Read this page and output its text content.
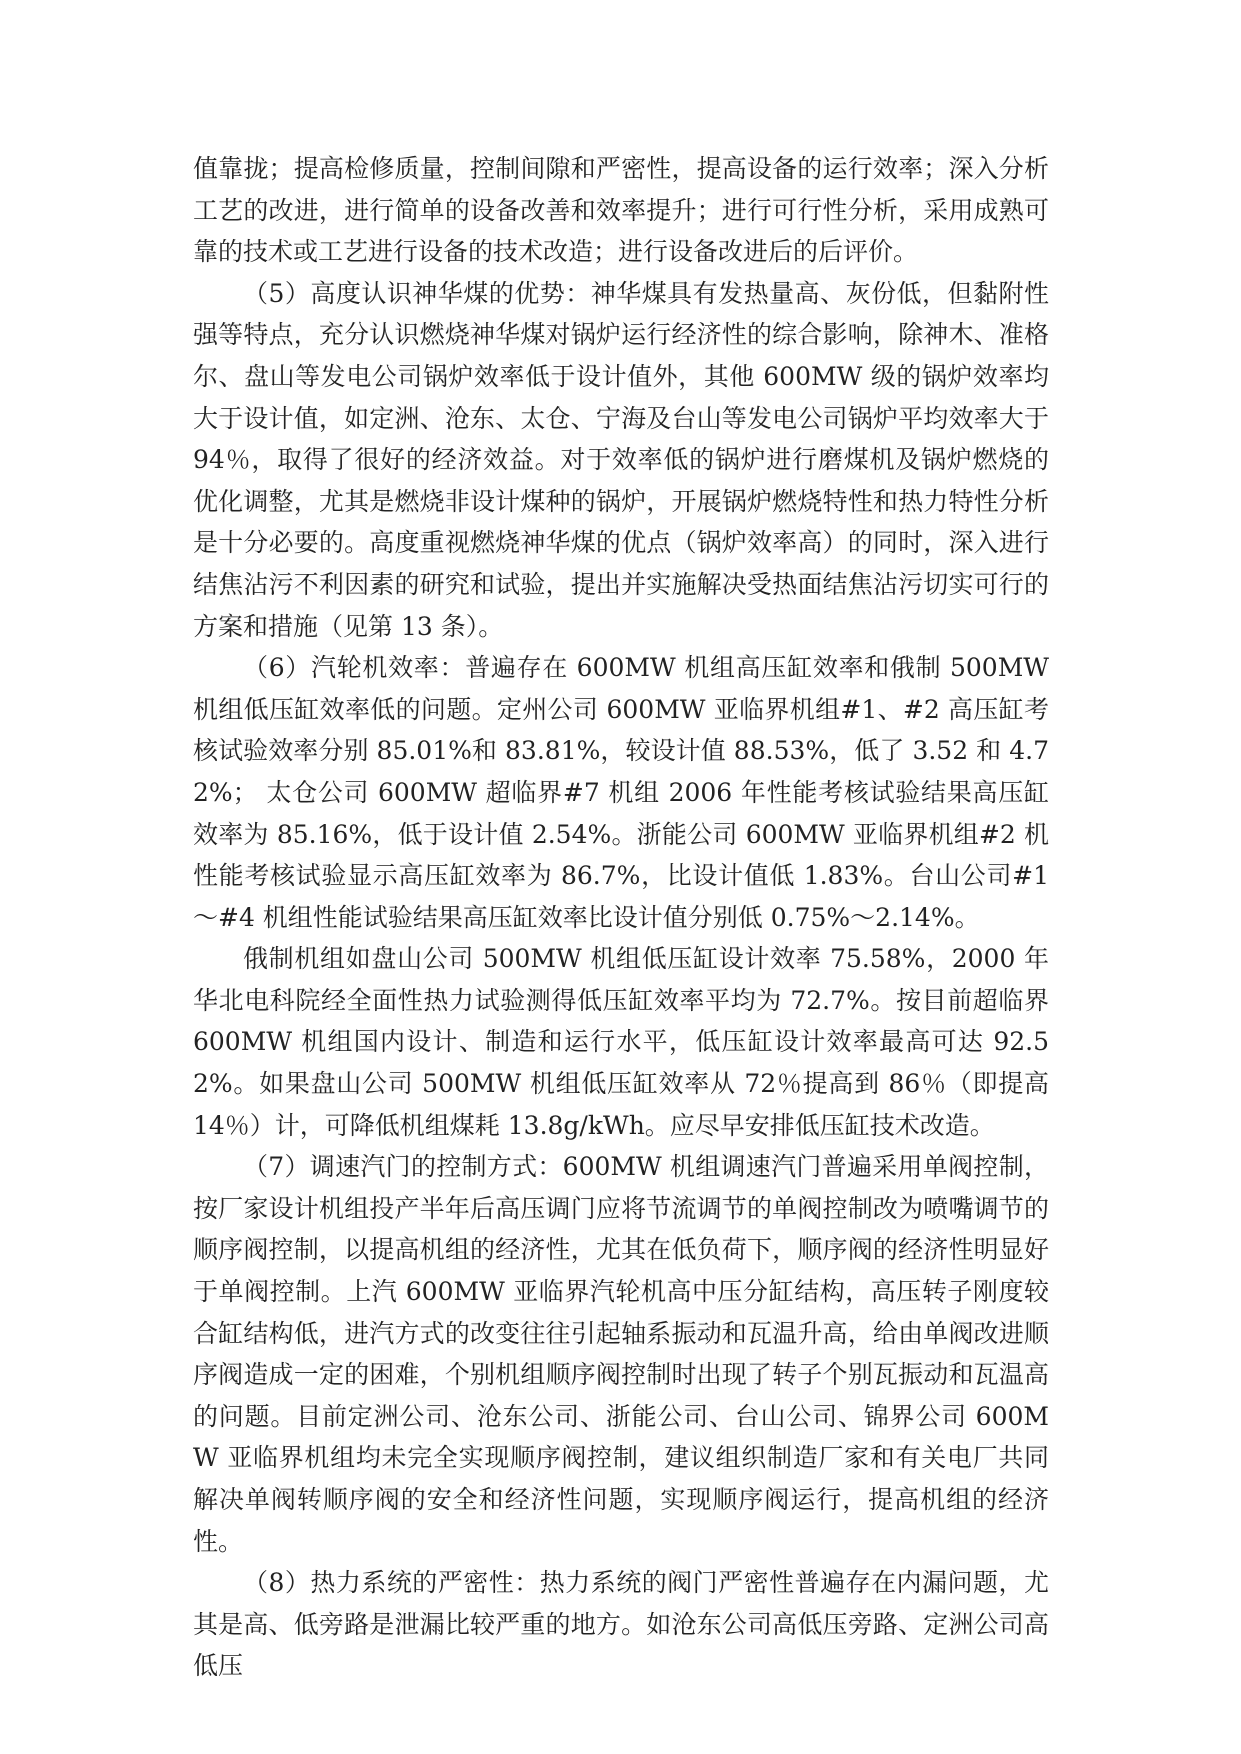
值靠拢；提高检修质量，控制间隙和严密性，提高设备的运行效率；深入分析工艺的改进，进行简单的设备改善和效率提升；进行可行性分析，采用成熟可靠的技术或工艺进行设备的技术改造；进行设备改进后的后评价。

（5）高度认识神华煤的优势：神华煤具有发热量高、灰份低，但黏附性强等特点，充分认识燃烧神华煤对锅炉运行经济性的综合影响，除神木、准格尔、盘山等发电公司锅炉效率低于设计值外，其他 600MW 级的锅炉效率均大于设计值，如定洲、沧东、太仓、宁海及台山等发电公司锅炉平均效率大于 94％，取得了很好的经济效益。对于效率低的锅炉进行磨煤机及锅炉燃烧的优化调整，尤其是燃烧非设计煤种的锅炉，开展锅炉燃烧特性和热力特性分析是十分必要的。高度重视燃烧神华煤的优点（锅炉效率高）的同时，深入进行结焦沾污不利因素的研究和试验，提出并实施解决受热面结焦沾污切实可行的方案和措施（见第 13 条）。

（6）汽轮机效率：普遍存在 600MW 机组高压缸效率和俄制 500MW 机组低压缸效率低的问题。定州公司 600MW 亚临界机组#1、#2 高压缸考核试验效率分别 85.01%和 83.81%，较设计值 88.53%，低了 3.52 和 4.72%； 太仓公司 600MW 超临界#7 机组 2006 年性能考核试验结果高压缸效率为 85.16%，低于设计值 2.54%。浙能公司 600MW 亚临界机组#2 机性能考核试验显示高压缸效率为 86.7%，比设计值低 1.83%。台山公司#1～#4 机组性能试验结果高压缸效率比设计值分别低 0.75%～2.14%。

俄制机组如盘山公司 500MW 机组低压缸设计效率 75.58%，2000 年华北电科院经全面性热力试验测得低压缸效率平均为 72.7%。按目前超临界 600MW 机组国内设计、制造和运行水平，低压缸设计效率最高可达 92.52%。如果盘山公司 500MW 机组低压缸效率从 72％提高到 86％（即提高 14％）计，可降低机组煤耗 13.8g/kWh。应尽早安排低压缸技术改造。

（7）调速汽门的控制方式：600MW 机组调速汽门普遍采用单阀控制，按厂家设计机组投产半年后高压调门应将节流调节的单阀控制改为喷嘴调节的顺序阀控制，以提高机组的经济性，尤其在低负荷下，顺序阀的经济性明显好于单阀控制。上汽 600MW 亚临界汽轮机高中压分缸结构，高压转子刚度较合缸结构低，进汽方式的改变往往引起轴系振动和瓦温升高，给由单阀改进顺序阀造成一定的困难，个别机组顺序阀控制时出现了转子个别瓦振动和瓦温高的问题。目前定洲公司、沧东公司、浙能公司、台山公司、锦界公司 600MW 亚临界机组均未完全实现顺序阀控制，建议组织制造厂家和有关电厂共同解决单阀转顺序阀的安全和经济性问题，实现顺序阀运行，提高机组的经济性。

（8）热力系统的严密性：热力系统的阀门严密性普遍存在内漏问题，尤其是高、低旁路是泄漏比较严重的地方。如沧东公司高低压旁路、定洲公司高低压
